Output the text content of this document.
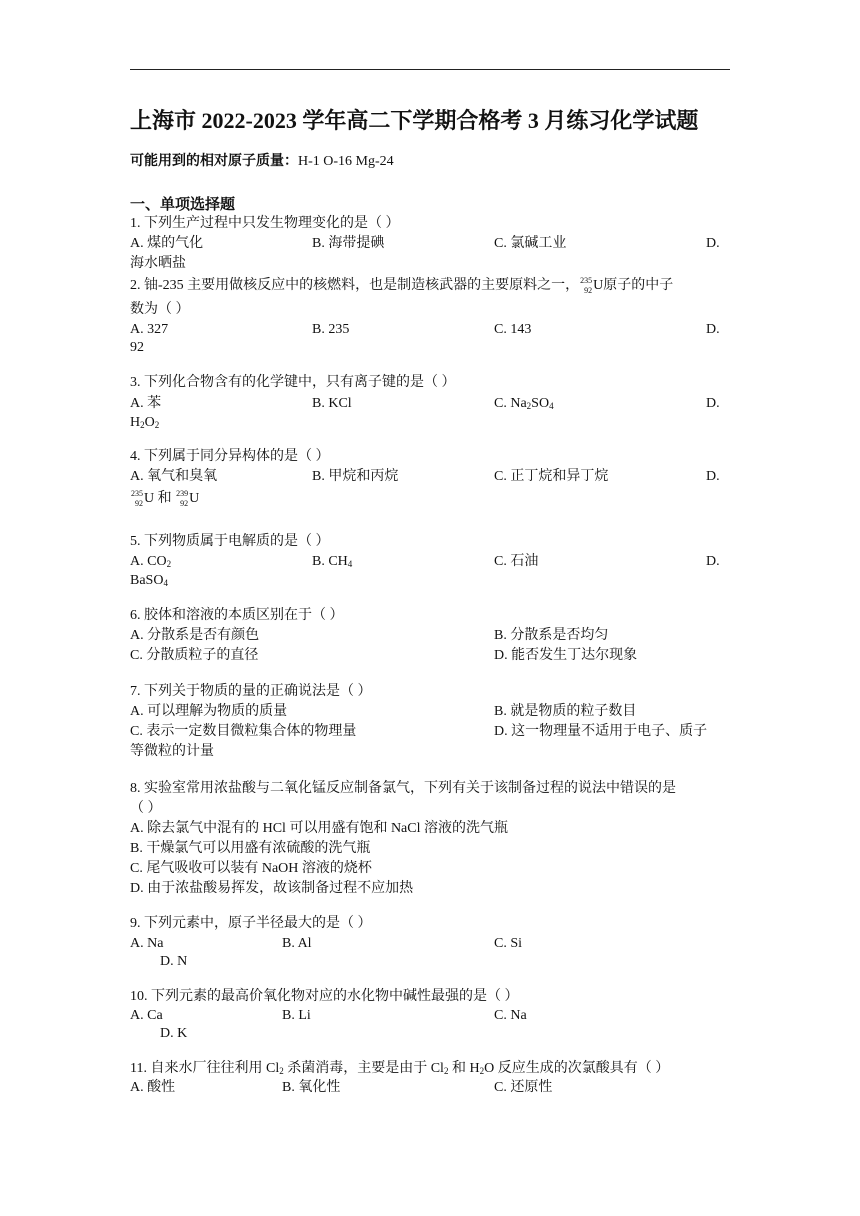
上海市 2022-2023 学年高二下学期合格考 3 月练习化学试题
可能用到的相对原子质量：H-1 O-16 Mg-24
一、单项选择题
1. 下列生产过程中只发生物理变化的是（ ）
A. 煤的气化	B. 海带提碘	C. 氯碱工业	D.
海水晒盐
2. 铀-235 主要用做核反应中的核燃料，也是制造核武器的主要原料之一， 235
92 U原子的中子
数为（ ）
A. 327	B. 235	C. 143	D.
92
3. 下列化合物含有的化学键中，只有离子键的是（ ）
A. 苯	B. KCl	C. $Na_2SO_4$	D.
$H_2O_2$
4. 下列属于同分异构体的是（ ）
A. 氧气和臭氧	B. 甲烷和丙烷	C. 正丁烷和异丁烷	D.
235
92 U 和 239
92 U
5. 下列物质属于电解质的是（ ）
A. $CO_2$	B. $CH_4$	C. 石油	D.
BaSO$_4$
6. 胶体和溶液的本质区别在于（ ）
A. 分散系是否有颜色	B. 分散系是否均匀
C. 分散质粒子的直径	D. 能否发生丁达尔现象
7. 下列关于物质的量的正确说法是（ ）
A. 可以理解为物质的质量	B. 就是物质的粒子数目
C. 表示一定数目微粒集合体的物理量	D. 这一物理量不适用于电子、质子
等微粒的计量
8. 实验室常用浓盐酸与二氧化锰反应制备氯气，下列有关于该制备过程的说法中错误的是
（ ）
A. 除去氯气中混有的 HCl 可以用盛有饱和 NaCl 溶液的洗气瓶
B. 干燥氯气可以用盛有浓硫酸的洗气瓶
C. 尾气吸收可以装有 NaOH 溶液的烧杯
D. 由于浓盐酸易挥发，故该制备过程不应加热
9. 下列元素中，原子半径最大的是（ ）
A. Na	B. Al	C. Si
D. N
10. 下列元素的最高价氧化物对应的水化物中碱性最强的是（ ）
A. Ca	B. Li	C. Na
D. K
11. 自来水厂往往利用 $Cl_2$ 杀菌消毒，主要是由于 $Cl_2$ 和 $H_2O$ 反应生成的次氯酸具有（ ）
A. 酸性	B. 氧化性	C. 还原性
